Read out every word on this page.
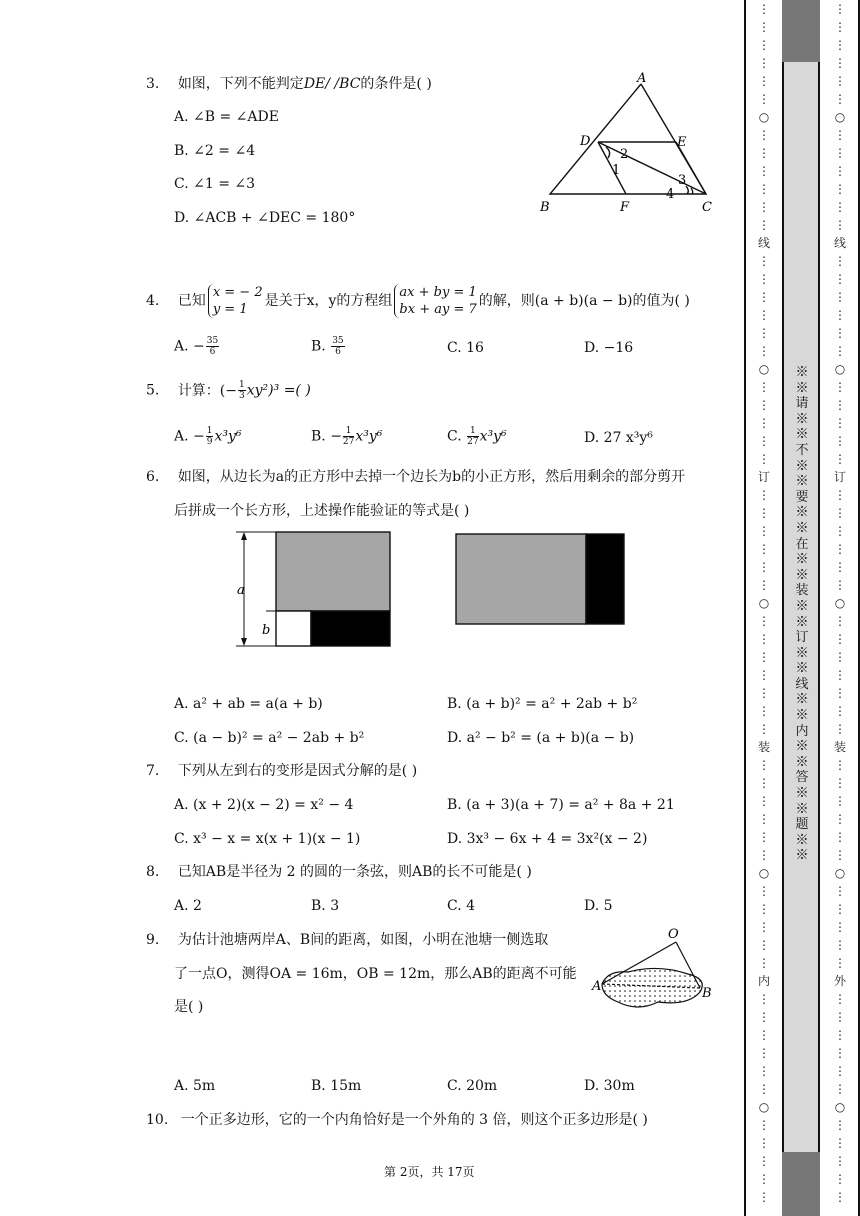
3. 如图，下列不能判定DE/ /BC的条件是( )
A. ∠B = ∠ADE
B. ∠2 = ∠4
C. ∠1 = ∠3
D. ∠ACB + ∠DEC = 180°
A
D	E
B	F	C
2
1
3
4
4. 已知
x = − 2
y = 1
是关于x，y的方程组
ax + by = 1
bx + ay = 7
的解，则(a + b)(a − b)的值为( )
A. − $\frac{35}{6}$	B. $\frac{35}{6}$	C. 16	D. −16
5. 计算：(− $\frac{1}{3} xy^2)^3$ =( )
A. − $\frac{1}{9} x^3y^6$	B. − $\frac{1}{27} x^3y^6$	C. $\frac{1}{27} x^3y^6$	D. 27 x³y⁶
6. 如图，从边长为a的正方形中去掉一个边长为b的小正方形，然后用剩余的部分剪开
后拼成一个长方形，上述操作能验证的等式是( )
a
b
A. a² + ab = a(a + b)	B. (a + b)² = a² + 2ab + b²
C. (a − b)² = a² − 2ab + b²	D. a² − b² = (a + b)(a − b)
7. 下列从左到右的变形是因式分解的是( )
A. (x + 2)(x − 2) = x² − 4	B. (a + 3)(a + 7) = a² + 8a + 21
C. x³ − x = x(x + 1)(x − 1)	D. 3x³ − 6x + 4 = 3x²(x − 2)
8. 已知AB是半径为 2 的圆的一条弦，则AB的长不可能是( )
A. 2	B. 3	C. 4	D. 5
9. 为估计池塘两岸A、B间的距离，如图，小明在池塘一侧选取
了一点O，测得OA = 16m，OB = 12m，那么AB的距离不可能
是( )
O
A	B
A. 5m	B. 15m	C. 20m	D. 30m
10. 一个正多边形，它的一个内角恰好是一个外角的 3 倍，则这个正多边形是( )
第 2页，共 17页
⋮
⋮
⋮
⋮
⋮
⋮
○
⋮
⋮
⋮
⋮
⋮
⋮
线
⋮
⋮
⋮
⋮
⋮
⋮
○
⋮
⋮
⋮
⋮
⋮
订
⋮
⋮
⋮
⋮
⋮
⋮
○
⋮
⋮
⋮
⋮
⋮
⋮
⋮
装
⋮
⋮
⋮
⋮
⋮
⋮
○
⋮
⋮
⋮
⋮
⋮
内
⋮
⋮
⋮
⋮
⋮
⋮
○
⋮
⋮
⋮
⋮
⋮
※※请※※不※※要※※在※※装※※订※※线※※内※※答※※题※※
⋮
⋮
⋮
⋮
⋮
⋮
○
⋮
⋮
⋮
⋮
⋮
⋮
线
⋮
⋮
⋮
⋮
⋮
⋮
○
⋮
⋮
⋮
⋮
⋮
订
⋮
⋮
⋮
⋮
⋮
⋮
○
⋮
⋮
⋮
⋮
⋮
⋮
⋮
装
⋮
⋮
⋮
⋮
⋮
⋮
○
⋮
⋮
⋮
⋮
⋮
外
⋮
⋮
⋮
⋮
⋮
⋮
○
⋮
⋮
⋮
⋮
⋮
